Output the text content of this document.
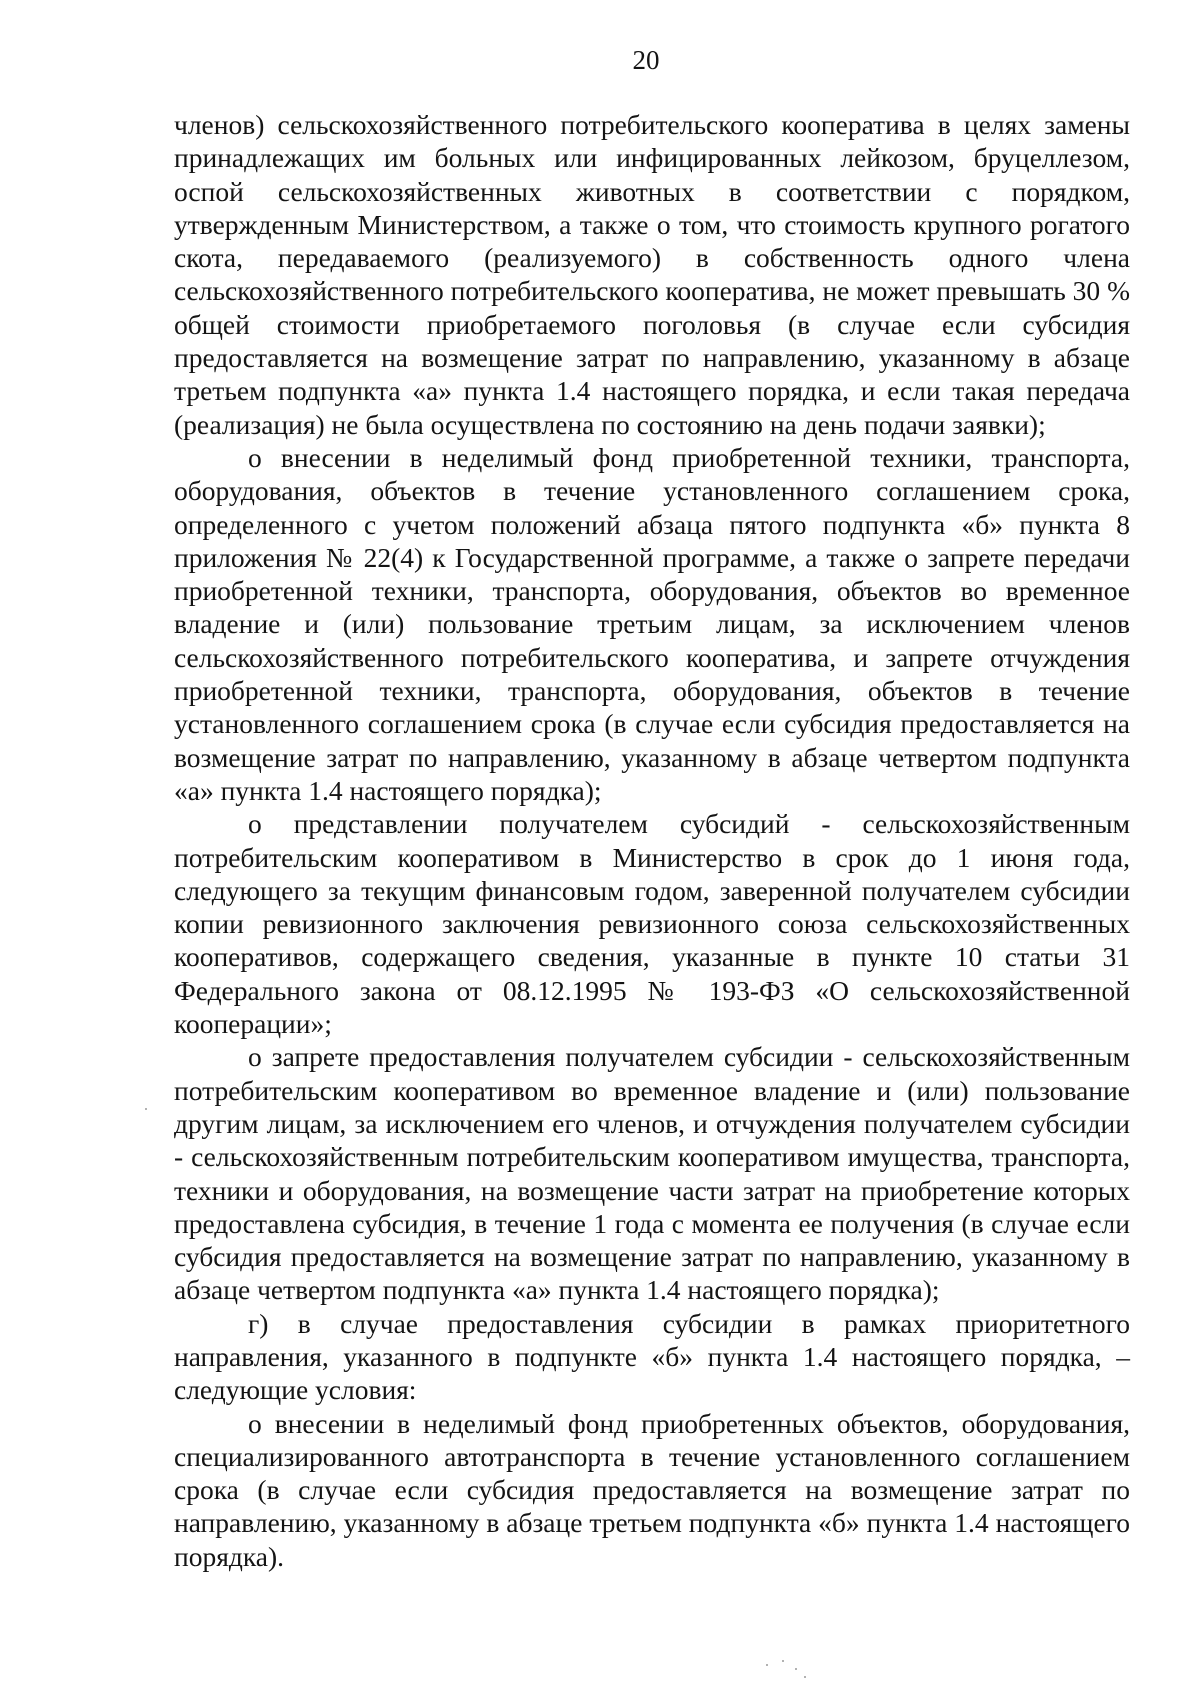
20

членов) сельскохозяйственного потребительского кооператива в целях замены принадлежащих им больных или инфицированных лейкозом, бруцеллезом, оспой сельскохозяйственных животных в соответствии с порядком, утвержденным Министерством, а также о том, что стоимость крупного рогатого скота, передаваемого (реализуемого) в собственность одного члена сельскохозяйственного потребительского кооператива, не может превышать 30 % общей стоимости приобретаемого поголовья (в случае если субсидия предоставляется на возмещение затрат по направлению, указанному в абзаце третьем подпункта «а» пункта 1.4 настоящего порядка, и если такая передача (реализация) не была осуществлена по состоянию на день подачи заявки);

о внесении в неделимый фонд приобретенной техники, транспорта, оборудования, объектов в течение установленного соглашением срока, определенного с учетом положений абзаца пятого подпункта «б» пункта 8 приложения № 22(4) к Государственной программе, а также о запрете передачи приобретенной техники, транспорта, оборудования, объектов во временное владение и (или) пользование третьим лицам, за исключением членов сельскохозяйственного потребительского кооператива, и запрете отчуждения приобретенной техники, транспорта, оборудования, объектов в течение установленного соглашением срока (в случае если субсидия предоставляется на возмещение затрат по направлению, указанному в абзаце четвертом подпункта «а» пункта 1.4 настоящего порядка);

о представлении получателем субсидий - сельскохозяйственным потребительским кооперативом в Министерство в срок до 1 июня года, следующего за текущим финансовым годом, заверенной получателем субсидии копии ревизионного заключения ревизионного союза сельскохозяйственных кооперативов, содержащего сведения, указанные в пункте 10 статьи 31 Федерального закона от 08.12.1995 № 193-ФЗ «О сельскохозяйственной кооперации»;

о запрете предоставления получателем субсидии - сельскохозяйственным потребительским кооперативом во временное владение и (или) пользование другим лицам, за исключением его членов, и отчуждения получателем субсидии - сельскохозяйственным потребительским кооперативом имущества, транспорта, техники и оборудования, на возмещение части затрат на приобретение которых предоставлена субсидия, в течение 1 года с момента ее получения (в случае если субсидия предоставляется на возмещение затрат по направлению, указанному в абзаце четвертом подпункта «а» пункта 1.4 настоящего порядка);

г) в случае предоставления субсидии в рамках приоритетного направления, указанного в подпункте «б» пункта 1.4 настоящего порядка, – следующие условия:

о внесении в неделимый фонд приобретенных объектов, оборудования, специализированного автотранспорта в течение установленного соглашением срока (в случае если субсидия предоставляется на возмещение затрат по направлению, указанному в абзаце третьем подпункта «б» пункта 1.4 настоящего порядка).
